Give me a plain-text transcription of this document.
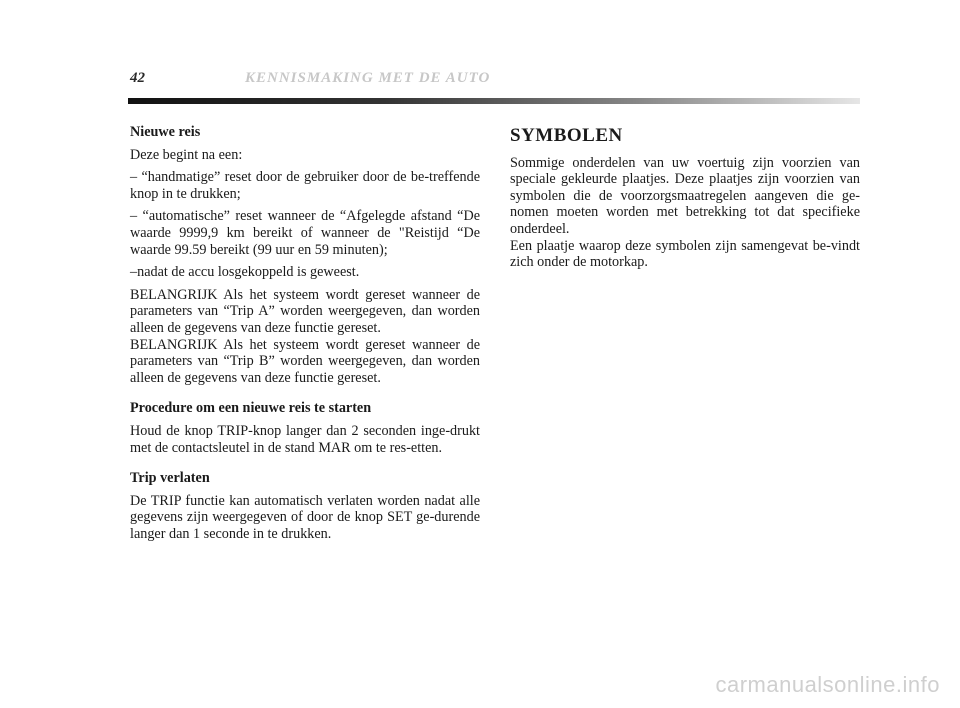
42	KENNISMAKING MET DE AUTO
Nieuwe reis

Deze begint na een:

– “handmatige” reset door de gebruiker door de be-treffende knop in te drukken;

– “automatische” reset wanneer de “Afgelegde afstand “De waarde 9999,9 km bereikt of wanneer de "Reistijd “De waarde 99.59 bereikt (99 uur en 59 minuten);

–nadat de accu losgekoppeld is geweest.

BELANGRIJK Als het systeem wordt gereset wanneer de parameters van “Trip A” worden weergegeven, dan worden alleen de gegevens van deze functie gereset.

BELANGRIJK Als het systeem wordt gereset wanneer de parameters van “Trip B” worden weergegeven, dan worden alleen de gegevens van deze functie gereset.

Procedure om een nieuwe reis te starten

Houd de knop TRIP-knop langer dan 2 seconden inge-drukt met de contactsleutel in de stand MAR om te res-etten.

Trip verlaten

De TRIP functie kan automatisch verlaten worden nadat alle gegevens zijn weergegeven of door de knop SET ge-durende langer dan 1 seconde in te drukken.

SYMBOLEN

Sommige onderdelen van uw voertuig zijn voorzien van speciale gekleurde plaatjes. Deze plaatjes zijn voorzien van symbolen die de voorzorgsmaatregelen aangeven die ge-nomen moeten worden met betrekking tot dat specifieke onderdeel.

Een plaatje waarop deze symbolen zijn samengevat be-vindt zich onder de motorkap.

carmanualsonline.info
